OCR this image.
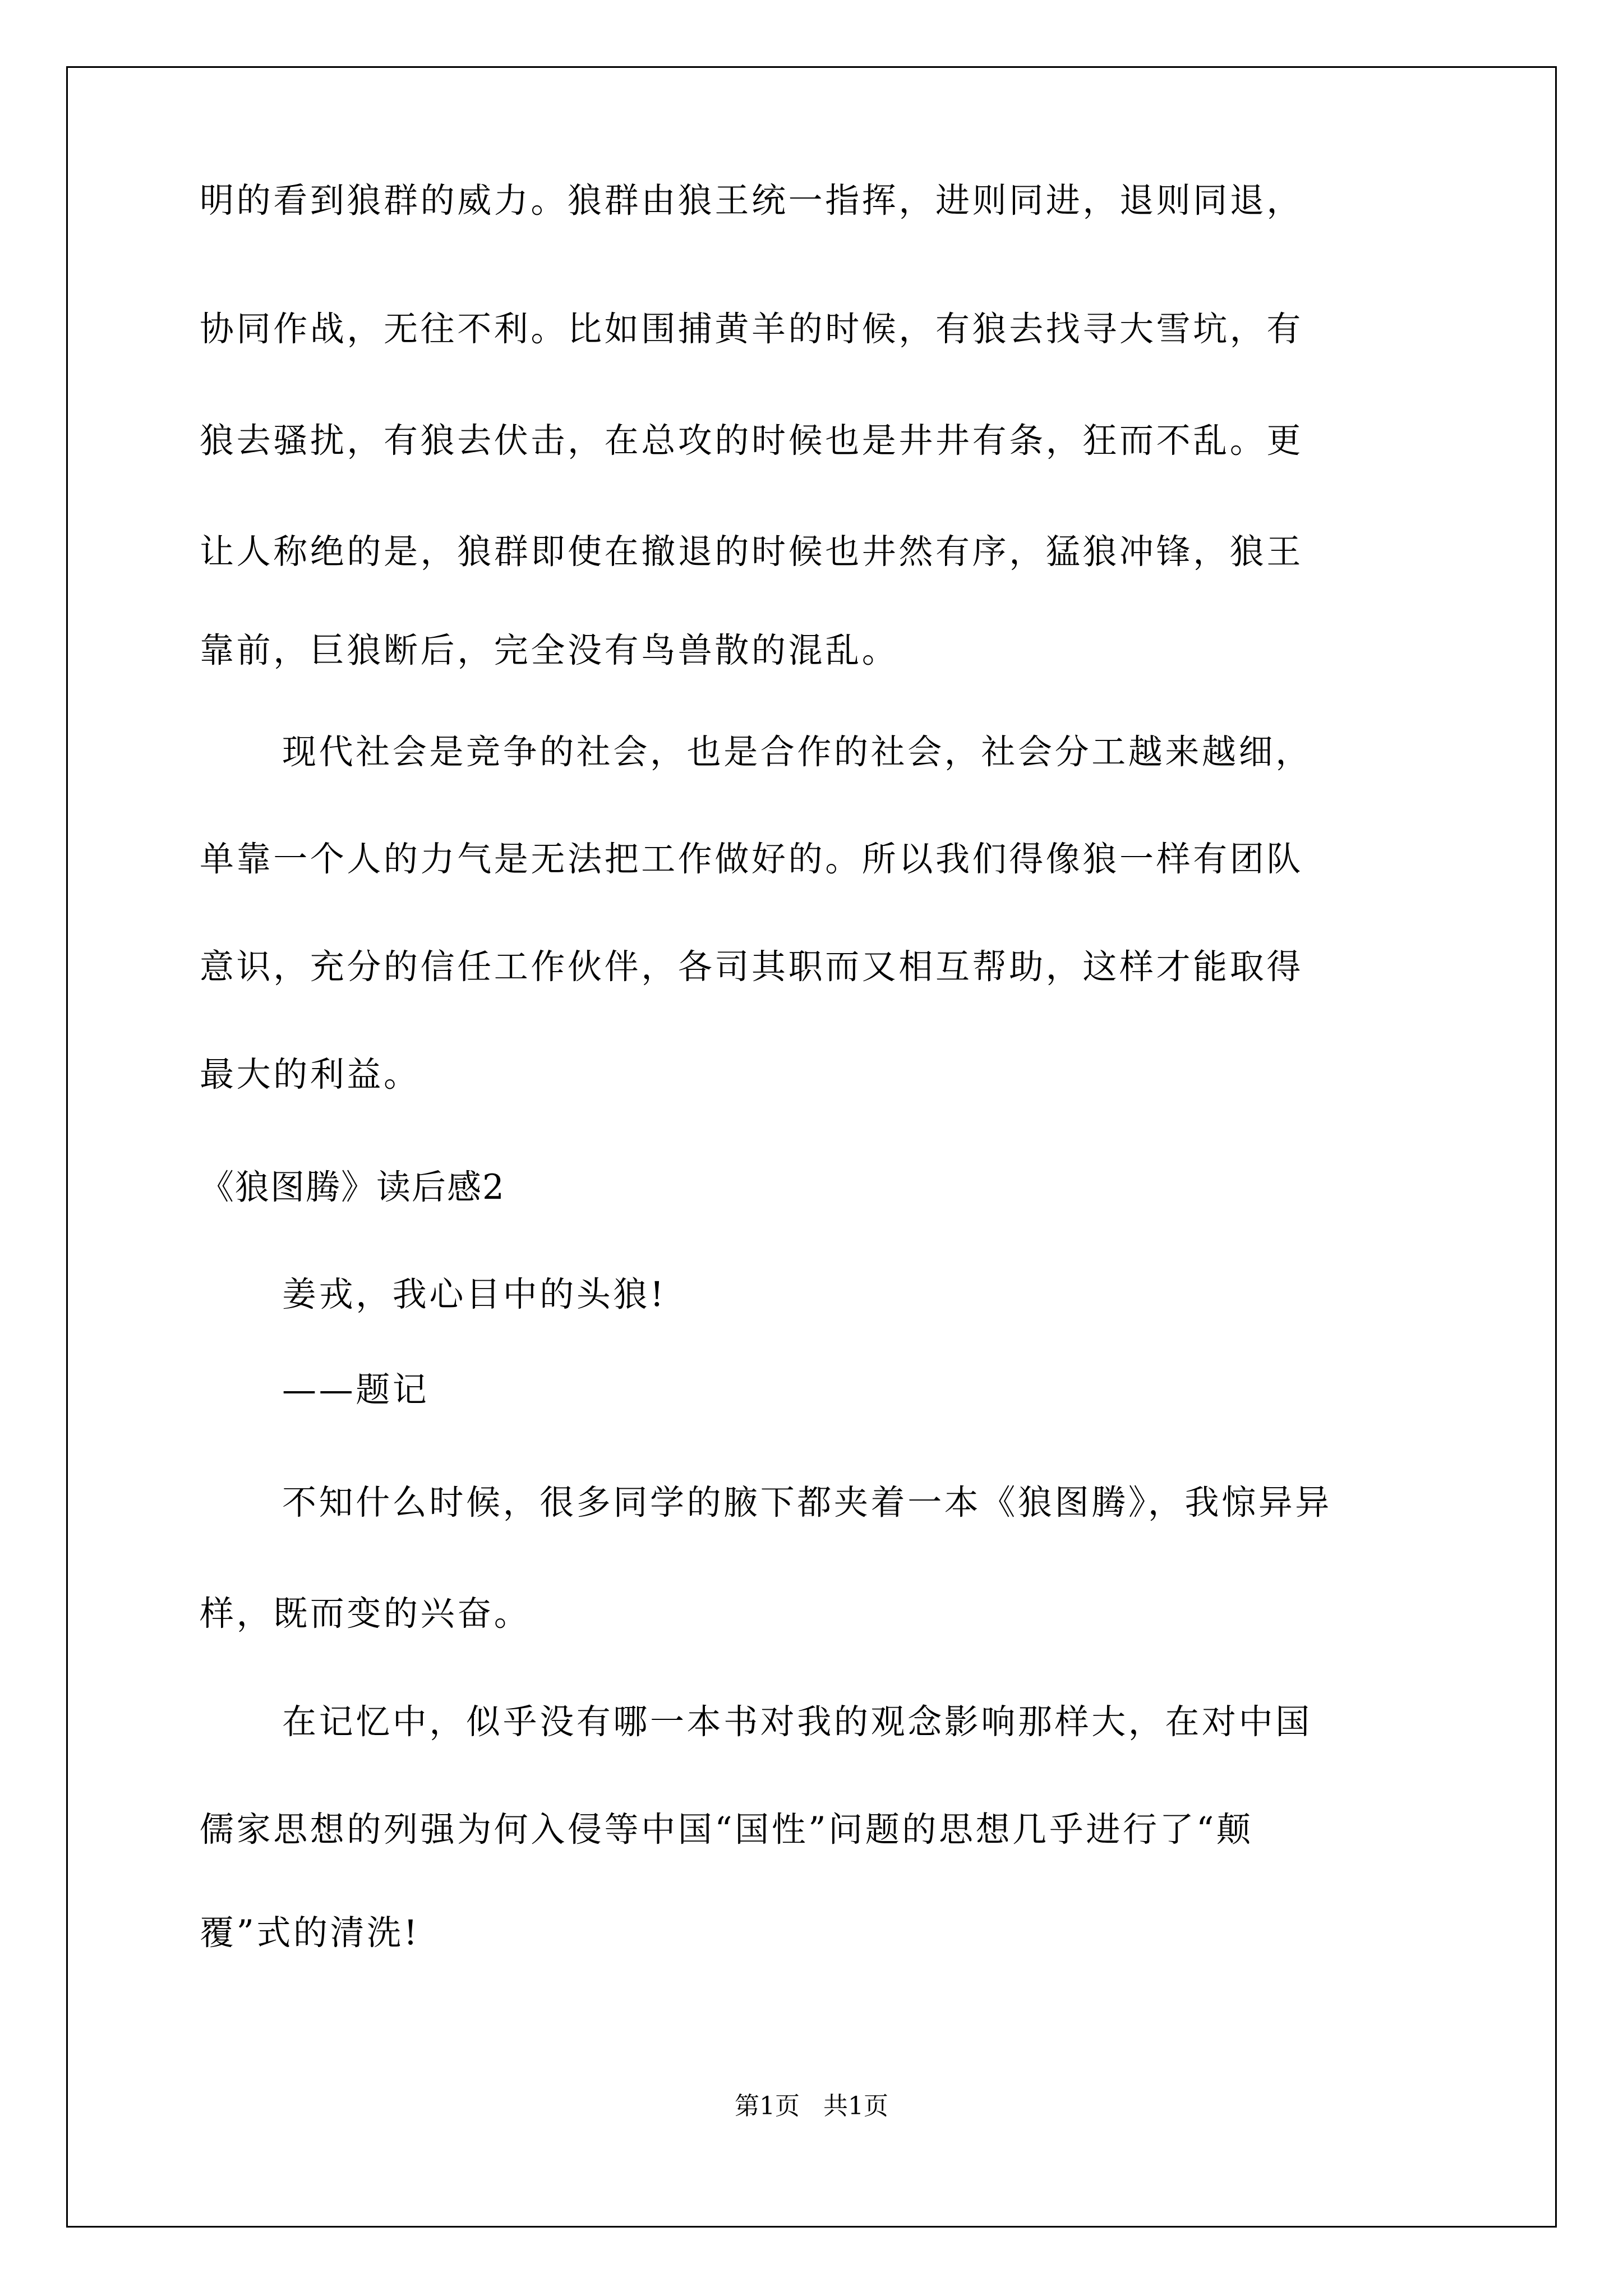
明的看到狼群的威力。狼群由狼王统一指挥，进则同进，退则同退，
协同作战，无往不利。比如围捕黄羊的时候，有狼去找寻大雪坑，有
狼去骚扰，有狼去伏击，在总攻的时候也是井井有条，狂而不乱。更
让人称绝的是，狼群即使在撤退的时候也井然有序，猛狼冲锋，狼王
靠前，巨狼断后，完全没有鸟兽散的混乱。
现代社会是竞争的社会，也是合作的社会，社会分工越来越细，
单靠一个人的力气是无法把工作做好的。所以我们得像狼一样有团队
意识，充分的信任工作伙伴，各司其职而又相互帮助，这样才能取得
最大的利益。
《狼图腾》读后感2
姜戎，我心目中的头狼!
——题记
不知什么时候，很多同学的腋下都夹着一本《狼图腾》，我惊异异
样，既而变的兴奋。
在记忆中，似乎没有哪一本书对我的观念影响那样大，在对中国
儒家思想的列强为何入侵等中国“国性”问题的思想几乎进行了“颠
覆”式的清洗!
第1页 共1页
